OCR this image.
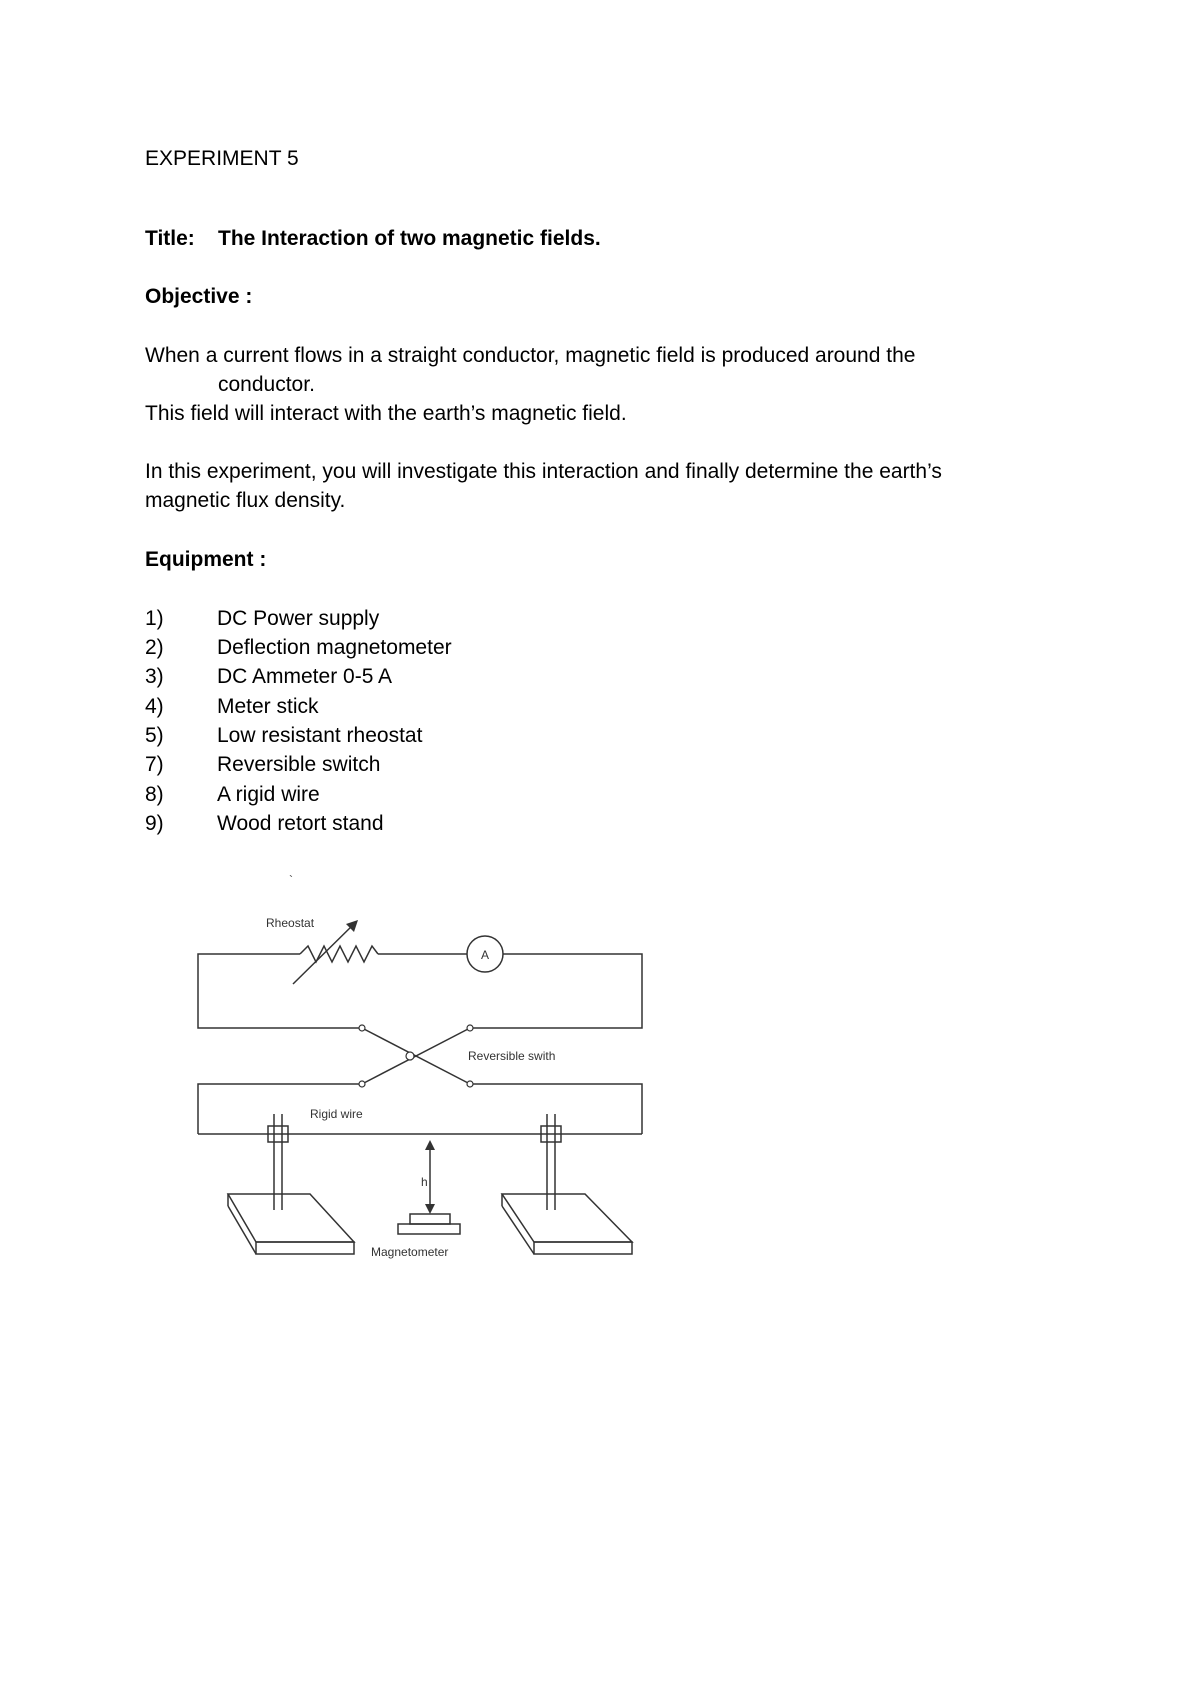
EXPERIMENT 5
Title: The Interaction of two magnetic fields.
Objective :
When a current flows in a straight conductor, magnetic field is produced around the
conductor.
This field will interact with the earth’s magnetic field.
In this experiment, you will investigate this interaction and finally determine the earth’s
magnetic flux density.
Equipment :
1)	DC Power supply
2)	Deflection magnetometer
3)	DC Ammeter 0-5 A
4)	Meter stick
5)	Low resistant rheostat
7)	Reversible switch
8)	A rigid wire
9)	Wood retort stand
`
Rheostat
A
Reversible swith
Rigid wire
h
Magnetometer
